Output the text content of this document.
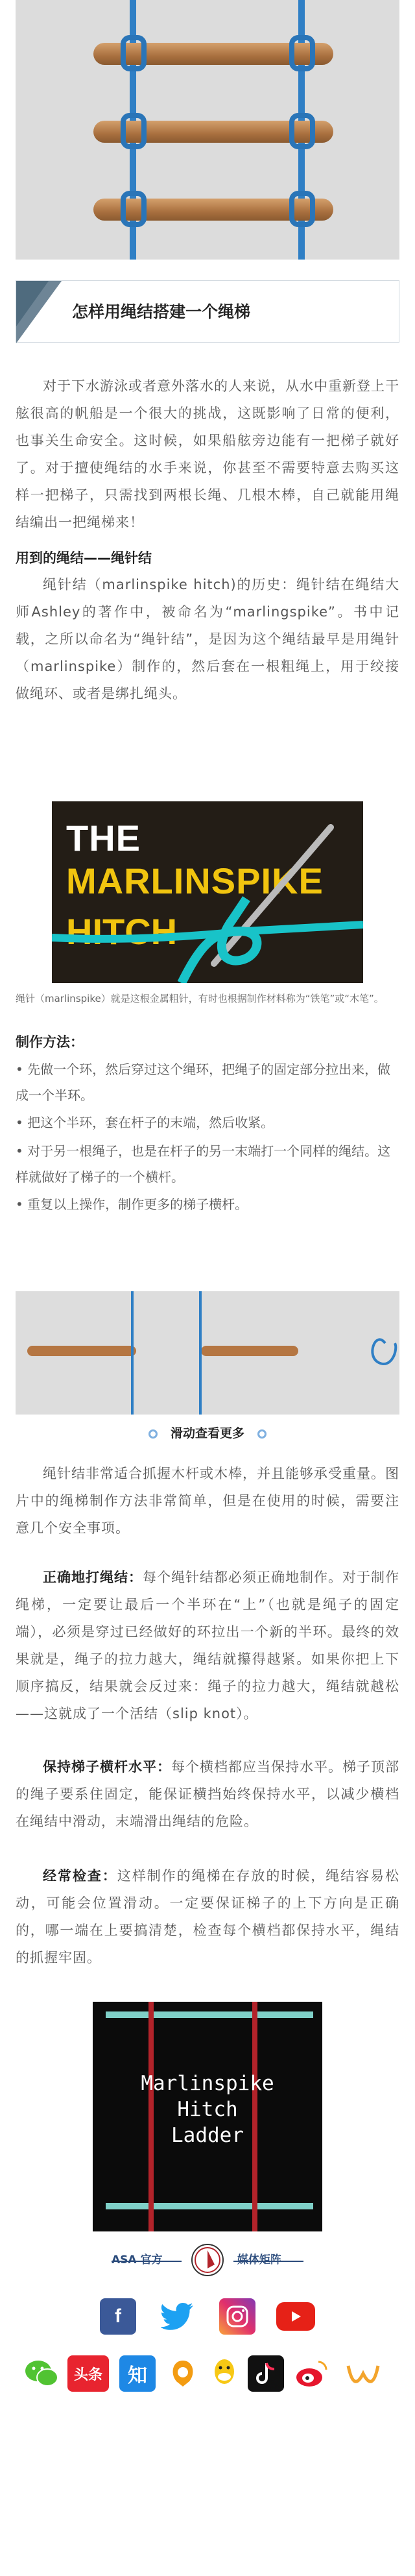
怎样用绳结搭建一个绳梯

对于下水游泳或者意外落水的人来说，从水中重新登上干舷很高的帆船是一个很大的挑战，这既影响了日常的便利，也事关生命安全。这时候，如果船舷旁边能有一把梯子就好了。对于擅使绳结的水手来说，你甚至不需要特意去购买这样一把梯子，只需找到两根长绳、几根木棒，自己就能用绳结编出一把绳梯来！

用到的绳结——绳针结

绳针结（marlinspike hitch)的历史：绳针结在绳结大师Ashley的著作中，被命名为“marlingspike”。书中记载，之所以命名为“绳针结”，是因为这个绳结最早是用绳针（marlinspike）制作的，然后套在一根粗绳上，用于绞接做绳环、或者是绑扎绳头。

THE
MARLINSPIKE
HITCH

绳针（marlinspike）就是这根金属粗针，有时也根据制作材料称为“铁笔”或“木笔”。

制作方法：

• 先做一个环，然后穿过这个绳环，把绳子的固定部分拉出来，做成一个半环。

• 把这个半环，套在杆子的末端，然后收紧。

• 对于另一根绳子，也是在杆子的另一末端打一个同样的绳结。这样就做好了梯子的一个横杆。

• 重复以上操作，制作更多的梯子横杆。

滑动查看更多

绳针结非常适合抓握木杆或木棒，并且能够承受重量。图片中的绳梯制作方法非常简单，但是在使用的时候，需要注意几个安全事项。

正确地打绳结：每个绳针结都必须正确地制作。对于制作绳梯，一定要让最后一个半环在“上”（也就是绳子的固定端），必须是穿过已经做好的环拉出一个新的半环。最终的效果就是，绳子的拉力越大，绳结就攥得越紧。如果你把上下顺序搞反，结果就会反过来：绳子的拉力越大，绳结就越松——这就成了一个活结（slip knot）。

保持梯子横杆水平：每个横档都应当保持水平。梯子顶部的绳子要系住固定，能保证横挡始终保持水平，以减少横档在绳结中滑动，末端滑出绳结的危险。

经常检查：这样制作的绳梯在存放的时候，绳结容易松动，可能会位置滑动。一定要保证梯子的上下方向是正确的，哪一端在上要搞清楚，检查每个横档都保持水平，绳结的抓握牢固。

Marlinspike
Hitch
Ladder
ASA 官方	媒体矩阵
f
头条 知
